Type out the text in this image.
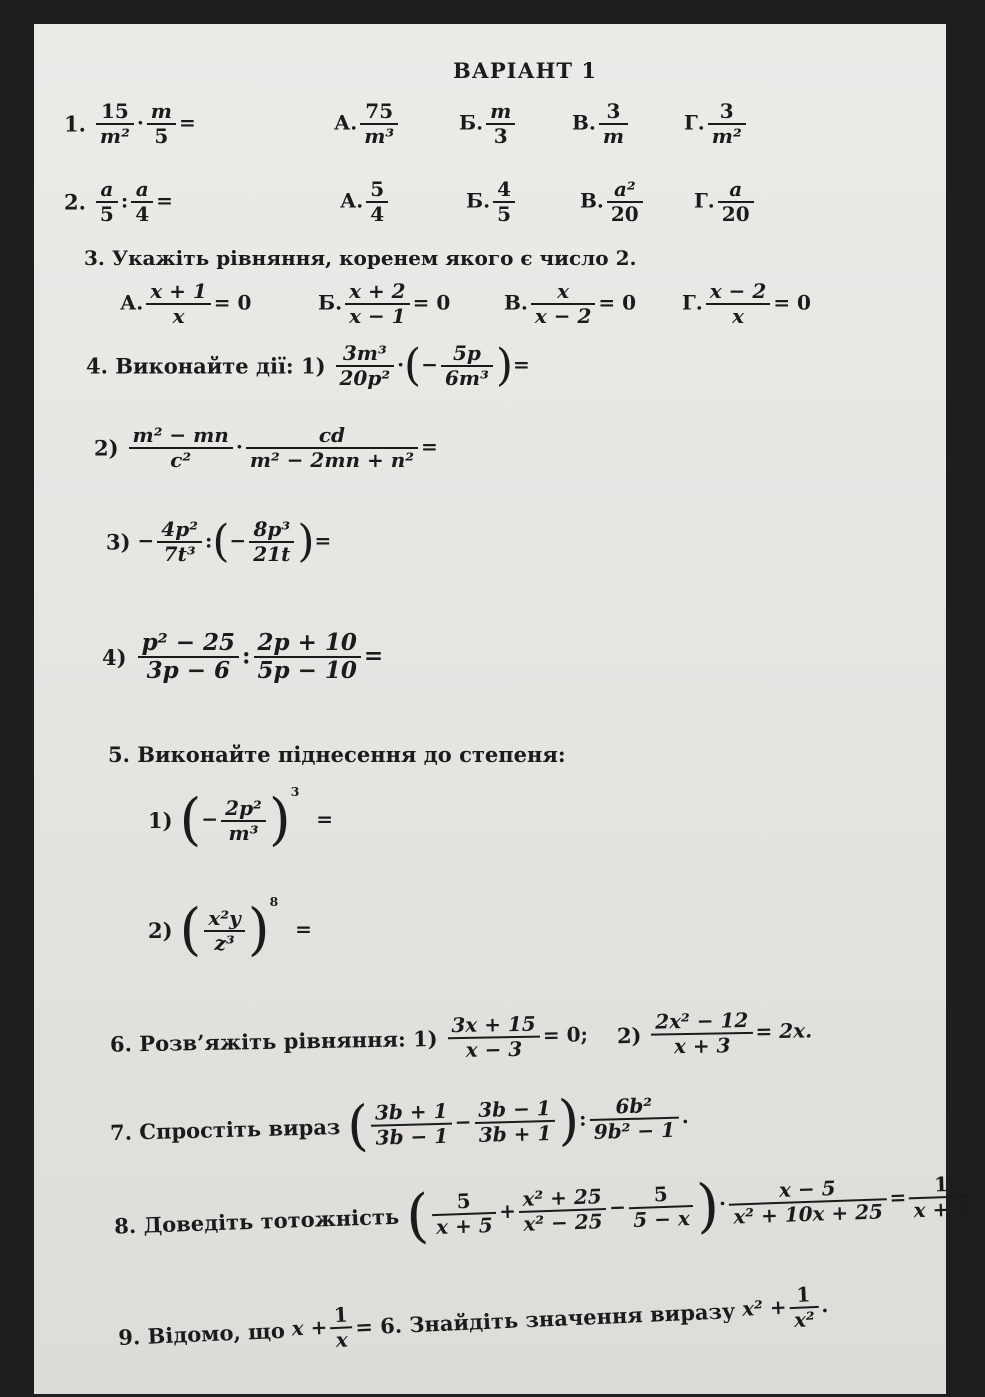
ВАРІАНТ 1
1. $\frac{15}{\text{m²}} \cdot \frac{m}{5}$ =	А. $\frac{75}{\text{m³}}$	Б. $\frac{m}{3}$	В. $\frac{3}{m}$	Г. $\frac{3}{\text{m²}}$
2. $\frac{a}{5}$ : $\frac{a}{4}$ =	А. $\frac{5}{4}$	Б. $\frac{4}{5}$	В. $\frac{\text{a²}}{20}$	Г. $\frac{a}{20}$
3. Укажіть рівняння, коренем якого є число 2.
А. $\frac{x + 1}{x} = 0$	Б. $\frac{x + 2}{x - 1} = 0$	В. $\frac{x}{x - 2} = 0$ Г. $\frac{x - 2}{x} = 0$
4. Виконайте дії: $1) \frac{\text{3m³}}{\text{20p²}}$ ·(− $\frac{5p}{\text{6m³}}$ )=
$2) \frac{\text{m² − mn}}{\text{c²}} \cdot \frac{cd}{\text{m² − 2mn + n²}}$ =
$3) - \frac{\text{4p²}}{\text{7t³}}$ :(− $\frac{\text{8p³}}{21t}$ )=
$4) \frac{\text{p² − 25}}{3p - 6}$ : $\frac{2p + 10}{5p - 10}$ =
5. Виконайте піднесення до степеня:
1) (− $\frac{\text{2p²}}{\text{m³}} )^3$ =
2) ( $\frac{\text{x²y}}{\text{z³}} )^8$ =
6. Розв’яжіть рівняння: $1) \frac{3x + 15}{x - 3} = 0$; $2) \frac{\text{2x² − 12}}{x + 3} = 2x$.
7. Спростіть вираз ( $\frac{3b + 1}{3b - 1} - \frac{3b - 1}{3b + 1}$ ): $\frac{\text{6b²}}{\text{9b² − 1}}$ .
8. Доведіть тотожність ( $\frac{5}{x + 5} + \frac{\text{x² + 25}}{\text{x² − 25}} - \frac{5}{5 - x}$ )· $\frac{x - 5}{\text{x² + 10x + 25}} = \frac{1}{x + 5}$ .
9. Відомо, що $x + \frac{1}{x} = 6$. Знайдіть значення виразу $x^2 + \frac{1}{\text{x²}}$ .
